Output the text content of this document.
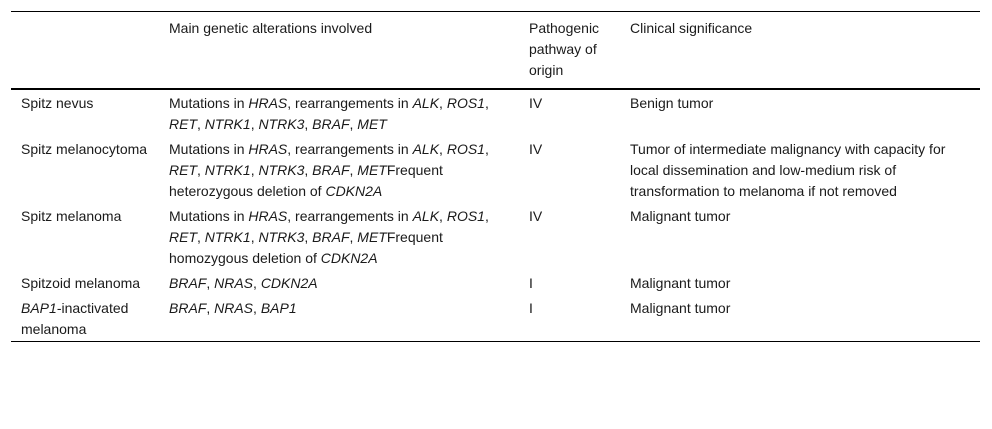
	Main genetic alterations involved	Pathogenic pathway of origin	Clinical significance
Spitz nevus	Mutations in HRAS, rearrangements in ALK, ROS1, RET, NTRK1, NTRK3, BRAF, MET	IV	Benign tumor
Spitz melanocytoma	Mutations in HRAS, rearrangements in ALK, ROS1, RET, NTRK1, NTRK3, BRAF, METFrequent heterozygous deletion of CDKN2A	IV	Tumor of intermediate malignancy with capacity for local dissemination and low-medium risk of transformation to melanoma if not removed
Spitz melanoma	Mutations in HRAS, rearrangements in ALK, ROS1, RET, NTRK1, NTRK3, BRAF, METFrequent homozygous deletion of CDKN2A	IV	Malignant tumor
Spitzoid melanoma	BRAF, NRAS, CDKN2A	I	Malignant tumor
BAP1-inactivated melanoma	BRAF, NRAS, BAP1	I	Malignant tumor
